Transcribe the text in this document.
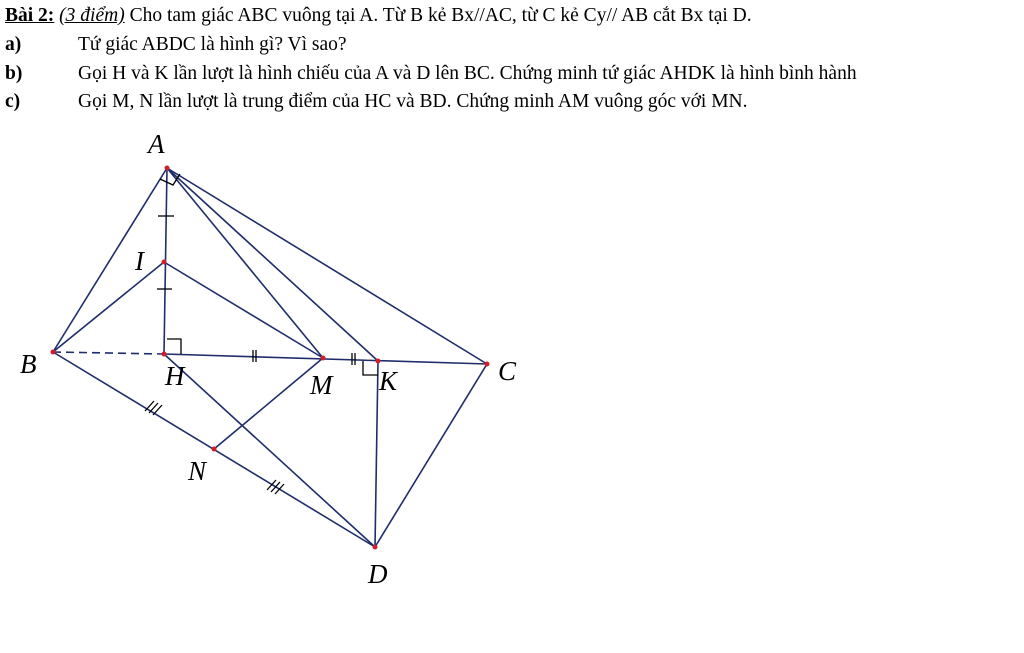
Bài 2: (3 điểm) Cho tam giác ABC vuông tại A. Từ B kẻ Bx//AC, từ C kẻ Cy// AB cắt Bx tại D.
a)	Tứ giác ABDC là hình gì? Vì sao?
b)	Gọi H và K lần lượt là hình chiếu của A và D lên BC. Chứng minh tứ giác AHDK là hình bình hành
c)	Gọi M, N lần lượt là trung điểm của HC và BD. Chứng minh AM vuông góc với MN.
A
I
B	H	M K	C
N
D
